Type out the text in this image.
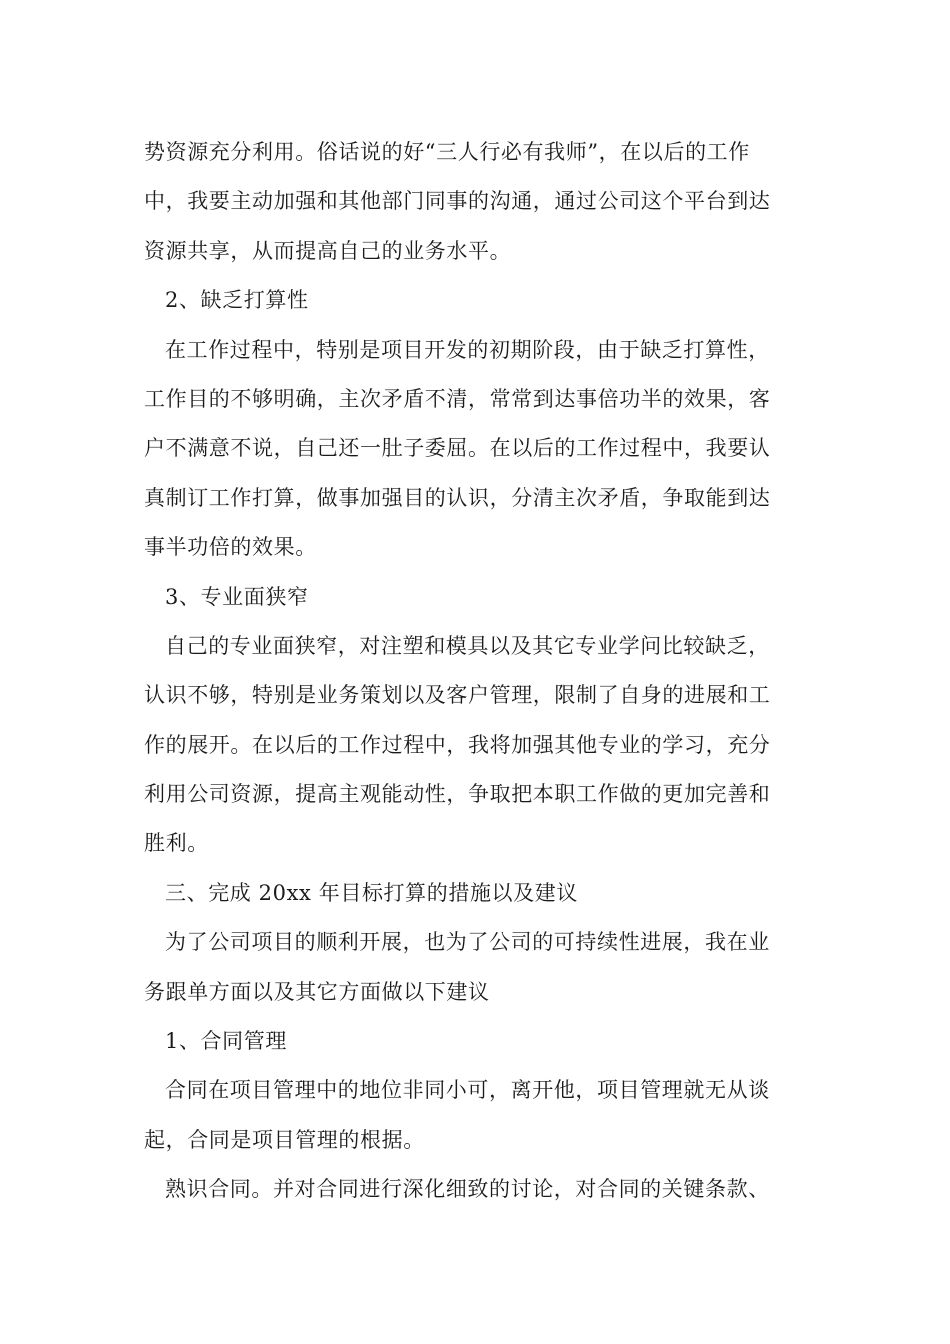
势资源充分利用。俗话说的好“三人行必有我师”，在以后的工作
中，我要主动加强和其他部门同事的沟通，通过公司这个平台到达
资源共享，从而提高自己的业务水平。
2、缺乏打算性
在工作过程中，特别是项目开发的初期阶段，由于缺乏打算性，
工作目的不够明确，主次矛盾不清，常常到达事倍功半的效果，客
户不满意不说，自己还一肚子委屈。在以后的工作过程中，我要认
真制订工作打算，做事加强目的认识，分清主次矛盾，争取能到达
事半功倍的效果。
3、专业面狭窄
自己的专业面狭窄，对注塑和模具以及其它专业学问比较缺乏，
认识不够，特别是业务策划以及客户管理，限制了自身的进展和工
作的展开。在以后的工作过程中，我将加强其他专业的学习，充分
利用公司资源，提高主观能动性，争取把本职工作做的更加完善和
胜利。
三、完成 20xx 年目标打算的措施以及建议
为了公司项目的顺利开展，也为了公司的可持续性进展，我在业
务跟单方面以及其它方面做以下建议
1、合同管理
合同在项目管理中的地位非同小可，离开他，项目管理就无从谈
起，合同是项目管理的根据。
熟识合同。并对合同进行深化细致的讨论，对合同的关键条款、
